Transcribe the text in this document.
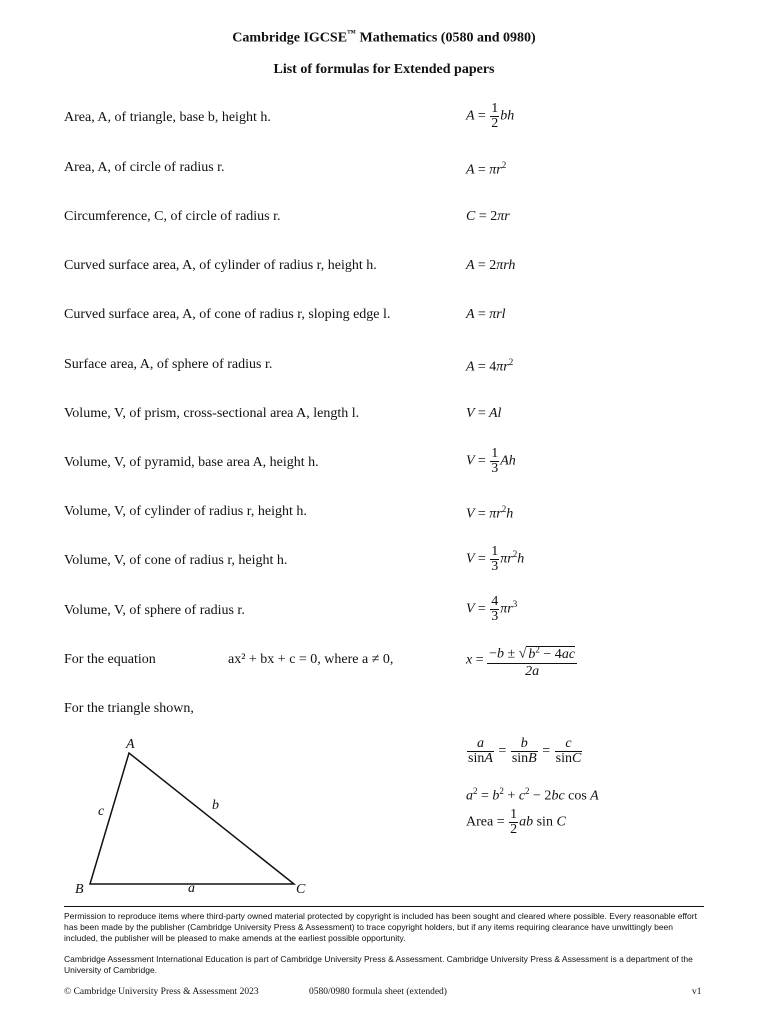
Cambridge IGCSE™ Mathematics (0580 and 0980)
List of formulas for Extended papers
Area, A, of triangle, base b, height h.	$A = \frac{1}{2}$ bh
Area, A, of circle of radius r.	$A = \pi r^2$
Circumference, C, of circle of radius r.	C = 2πr
Curved surface area, A, of cylinder of radius r, height h.	A = 2πrh
Curved surface area, A, of cone of radius r, sloping edge l.	A = πrl
Surface area, A, of sphere of radius r.	$A = 4\pi r^2$
Volume, V, of prism, cross-sectional area A, length l.	V = Al
Volume, V, of pyramid, base area A, height h.	$V = \frac{1}{3}$ Ah
Volume, V, of cylinder of radius r, height h.	$V = \pi r^2h$
Volume, V, of cone of radius r, height h.	$V = \frac{1}{3} \pi r^2h$
Volume, V, of sphere of radius r.	$V = \frac{4}{3} \pi r^3$
For the equation	ax² + bx + c = 0, where a ≠ 0,	$x = \frac{-b \pm √ b^2 - 4ac}{2a}$
For the triangle shown,
A
B	C
a
b
c
$\frac{a}{\sin A} = \frac{b}{\sin B} = \frac{c}{\sin C}$
$a^2 = b^2 + c^2 - 2bc$ cos A
Area = $\frac{1}{2}$ ab sin C
Permission to reproduce items where third-party owned material protected by copyright is included has been sought and cleared where possible. Every reasonable effort has been made by the publisher (Cambridge University Press & Assessment) to trace copyright holders, but if any items requiring clearance have unwittingly been included, the publisher will be pleased to make amends at the earliest possible opportunity.
Cambridge Assessment International Education is part of Cambridge University Press & Assessment. Cambridge University Press & Assessment is a department of the University of Cambridge.
© Cambridge University Press & Assessment 2023	0580/0980 formula sheet (extended)	v1
